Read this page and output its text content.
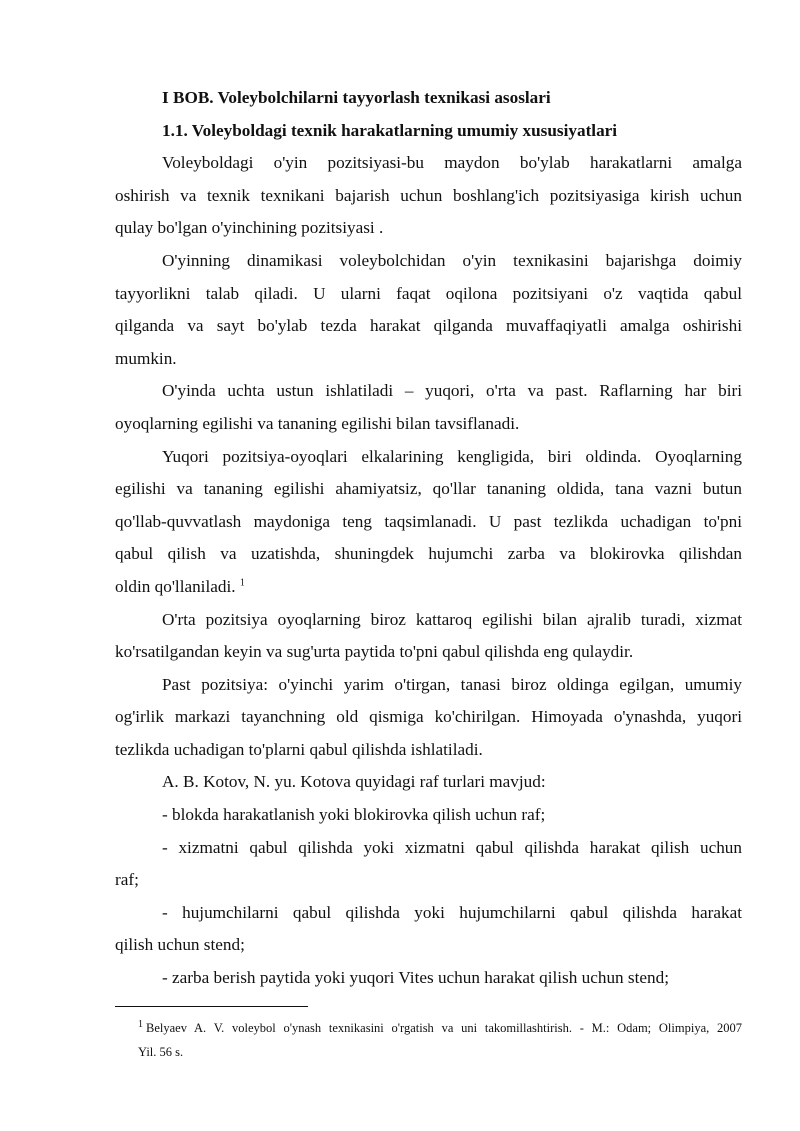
I BOB. Voleybolchilarni tayyorlash texnikasi asoslari
1.1. Voleyboldagi texnik harakatlarning umumiy xususiyatlari
Voleyboldagi o'yin pozitsiyasi-bu maydon bo'ylab harakatlarni amalga
oshirish va texnik texnikani bajarish uchun boshlang'ich pozitsiyasiga kirish uchun
qulay bo'lgan o'yinchining pozitsiyasi .
O'yinning dinamikasi voleybolchidan o'yin texnikasini bajarishga doimiy
tayyorlikni talab qiladi. U ularni faqat oqilona pozitsiyani o'z vaqtida qabul
qilganda va sayt bo'ylab tezda harakat qilganda muvaffaqiyatli amalga oshirishi
mumkin.
O'yinda uchta ustun ishlatiladi – yuqori, o'rta va past. Raflarning har biri
oyoqlarning egilishi va tananing egilishi bilan tavsiflanadi.
Yuqori pozitsiya-oyoqlari elkalarining kengligida, biri oldinda. Oyoqlarning
egilishi va tananing egilishi ahamiyatsiz, qo'llar tananing oldida, tana vazni butun
qo'llab-quvvatlash maydoniga teng taqsimlanadi. U past tezlikda uchadigan to'pni
qabul qilish va uzatishda, shuningdek hujumchi zarba va blokirovka qilishdan
oldin qo'llaniladi. $^1$
O'rta pozitsiya oyoqlarning biroz kattaroq egilishi bilan ajralib turadi, xizmat
ko'rsatilgandan keyin va sug'urta paytida to'pni qabul qilishda eng qulaydir.
Past pozitsiya: o'yinchi yarim o'tirgan, tanasi biroz oldinga egilgan, umumiy
og'irlik markazi tayanchning old qismiga ko'chirilgan. Himoyada o'ynashda, yuqori
tezlikda uchadigan to'plarni qabul qilishda ishlatiladi.
A. B. Kotov, N. yu. Kotova quyidagi raf turlari mavjud:
- blokda harakatlanish yoki blokirovka qilish uchun raf;
- xizmatni qabul qilishda yoki xizmatni qabul qilishda harakat qilish uchun
raf;
- hujumchilarni qabul qilishda yoki hujumchilarni qabul qilishda harakat
qilish uchun stend;
- zarba berish paytida yoki yuqori Vites uchun harakat qilish uchun stend;
$^1$ Belyaev A. V. voleybol o'ynash texnikasini o'rgatish va uni takomillashtirish. - M.: Odam; Olimpiya, 2007
Yil. 56 s.
